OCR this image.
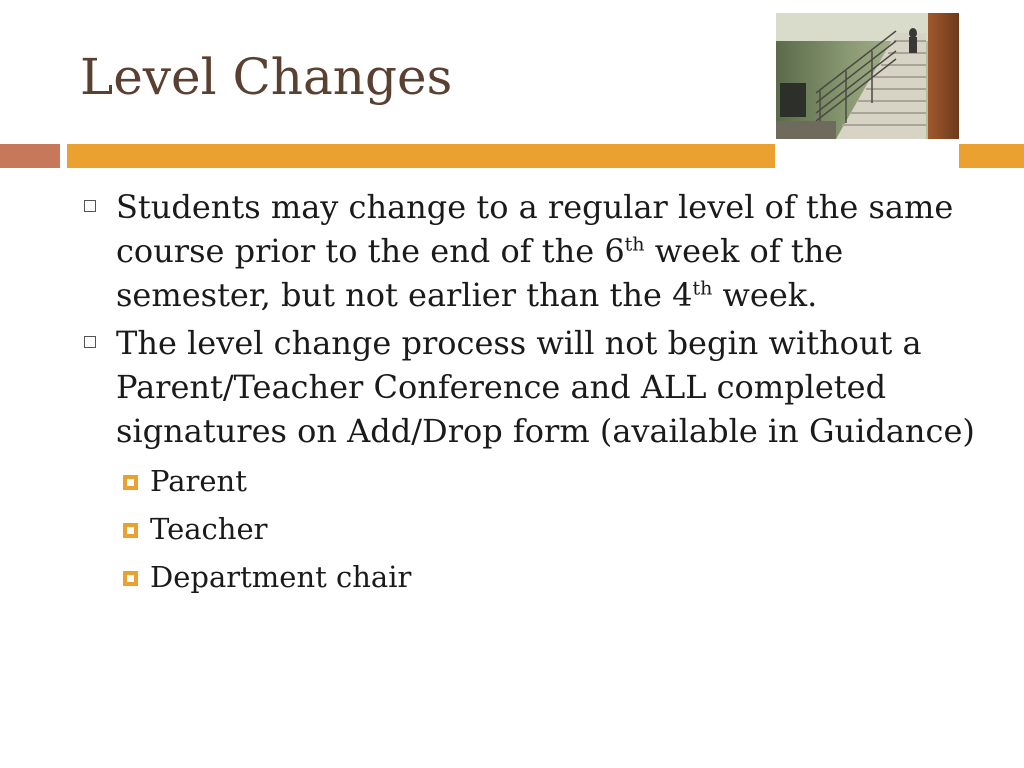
Level Changes
Students may change to a regular level of the same course prior to the end of the 6th week of the semester, but not earlier than the 4th week.
The level change process will not begin without a Parent/Teacher Conference and ALL completed signatures on Add/Drop form (available in Guidance)
Parent
Teacher
Department chair
